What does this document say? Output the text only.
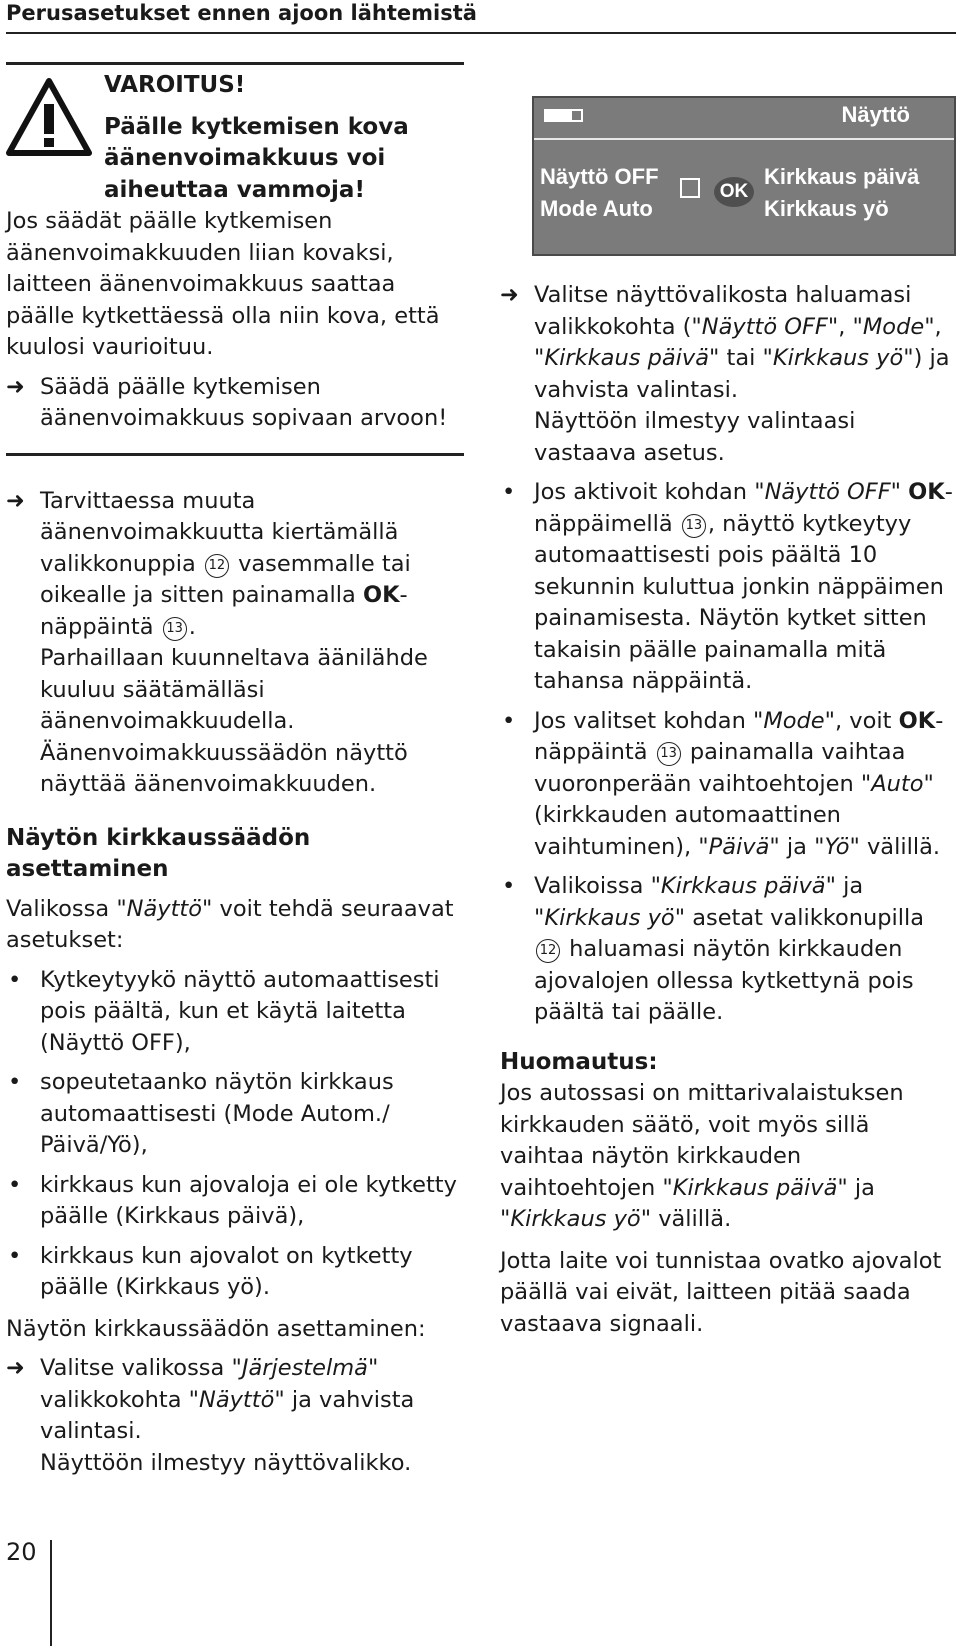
Perusasetukset ennen ajoon lähtemistä
VAROITUS!
Päälle kytkemisen kova äänenvoimakkuus voi aiheuttaa vammoja!

Jos säädät päälle kytkemisen äänenvoimakkuuden liian kovaksi, laitteen äänenvoimakkuus saattaa päälle kytkettäessä olla niin kova, että kuulosi vaurioituu.

➜ Säädä päälle kytkemisen äänenvoimakkuus sopivaan arvoon!
➜ Tarvittaessa muuta äänenvoimakkuutta kiertämällä valikkonuppia 12 vasemmalle tai oikealle ja sitten painamalla OK-näppäintä 13 .

Parhaillaan kuunneltava äänilähde kuuluu säätämälläsi äänenvoimakkuudella. Äänenvoimakkuussäädön näyttö näyttää äänenvoimakkuuden.

Näytön kirkkaussäädön asettaminen

Valikossa "Näyttö" voit tehdä seuraavat asetukset:

• Kytkeytyykö näyttö automaattisesti pois päältä, kun et käytä laitetta (Näyttö OFF),
• sopeutetaanko näytön kirkkaus automaattisesti (Mode Autom./ Päivä/Yö),
• kirkkaus kun ajovaloja ei ole kytketty päälle (Kirkkaus päivä),
• kirkkaus kun ajovalot on kytketty päälle (Kirkkaus yö).

Näytön kirkkaussäädön asettaminen:

➜ Valitse valikossa "Järjestelmä" valikkokohta "Näyttö" ja vahvista valintasi.

Näyttöön ilmestyy näyttövalikko.

Näyttö
Näyttö OFF
Mode Auto
OK
Kirkkaus päivä
Kirkkaus yö
➜ Valitse näyttövalikosta haluamasi valikkokohta ("Näyttö OFF", "Mode", "Kirkkaus päivä" tai "Kirkkaus yö") ja vahvista valintasi.

Näyttöön ilmestyy valintaasi vastaava asetus.

• Jos aktivoit kohdan "Näyttö OFF" OK-näppäimellä 13 , näyttö kytkeytyy automaattisesti pois päältä 10 sekunnin kuluttua jonkin näppäimen painamisesta. Näytön kytket sitten takaisin päälle painamalla mitä tahansa näppäintä.
• Jos valitset kohdan "Mode", voit OK-näppäintä 13 painamalla vaihtaa vuoronperään vaihtoehtojen "Auto" (kirkkauden automaattinen vaihtuminen), "Päivä" ja "Yö" välillä.
• Valikoissa "Kirkkaus päivä" ja "Kirkkaus yö" asetat valikkonupilla 12 haluamasi näytön kirkkauden ajovalojen ollessa kytkettynä pois päältä tai päälle.
Huomautus:

Jos autossasi on mittarivalaistuksen kirkkauden säätö, voit myös sillä vaihtaa näytön kirkkauden vaihtoehtojen "Kirkkaus päivä" ja "Kirkkaus yö" välillä.

Jotta laite voi tunnistaa ovatko ajovalot päällä vai eivät, laitteen pitää saada vastaava signaali.

20
